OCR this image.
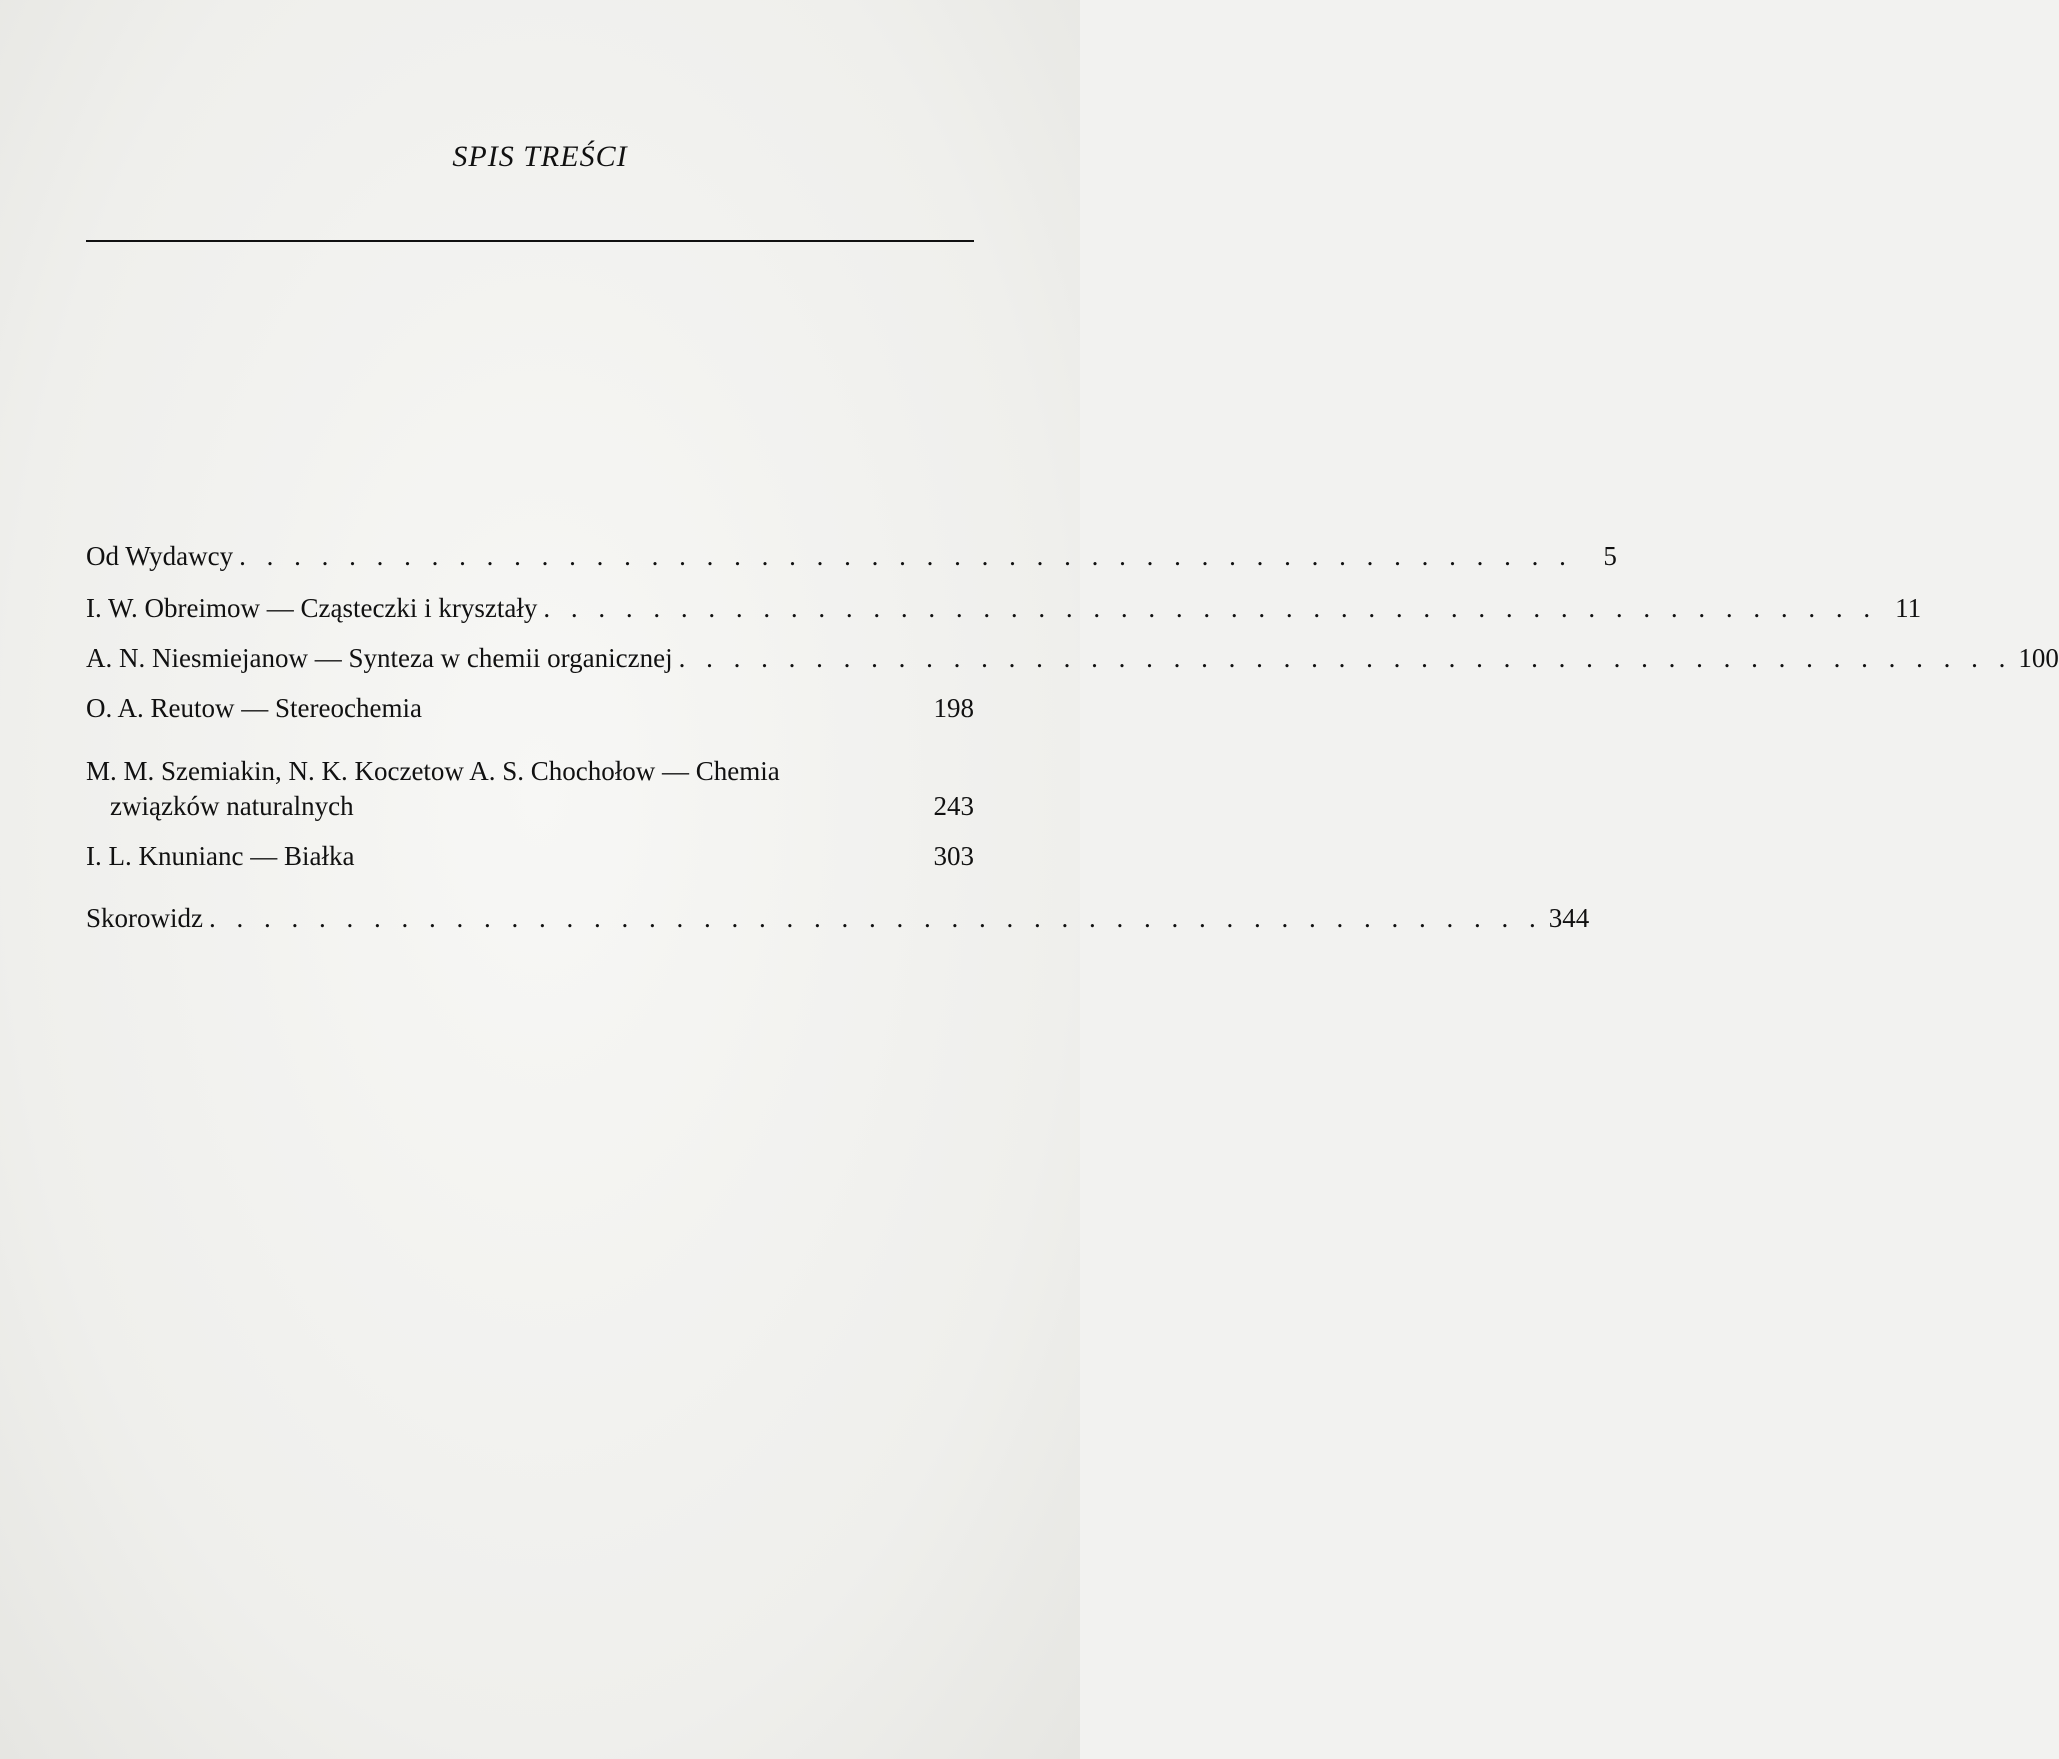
SPIS TREŚCI
Od Wydawcy . . . . . . . . . . . . . . . . . . . . . . . . . . . . . . . . . . . . . . . . . . . . . . . . .	5
I. W. Obreimow — Cząsteczki i kryształy . . . . . . . . . . . . . . . . . . . . . . . . . . . . . . . . . . . . . . . . . . . . . . . . . 11
A. N. Niesmiejanow — Synteza w chemii organicznej . . . . . . . . . . . . . . . . . . . . . . . . . . . . . . . . . . . . . . . . . . . . . . . . . 100
O. A. Reutow — Stereochemia	198
M. M. Szemiakin, N. K. Koczetow A. S. Chochołow — Chemia
związków naturalnych	243
I. L. Knunianc — Białka	303
Skorowidz . . . . . . . . . . . . . . . . . . . . . . . . . . . . . . . . . . . . . . . . . . . . . . . . . 344
